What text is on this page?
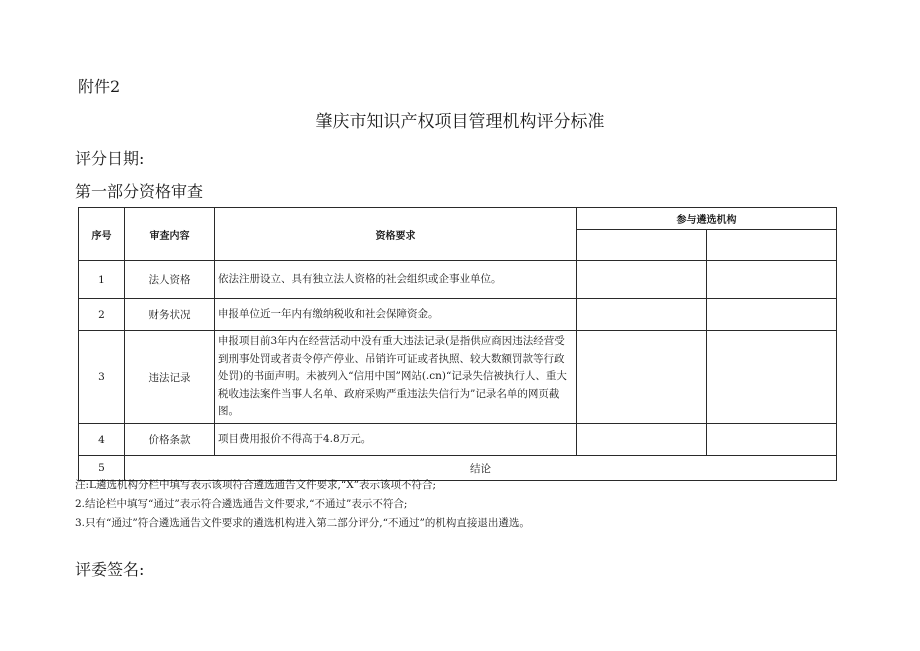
附件2
肇庆市知识产权项目管理机构评分标准
评分日期:
第一部分资格审查
序号	审查内容	资格要求	参与遴选机构	

1	法人资格	依法注册设立、具有独立法人资格的社会组织或企事业单位。		
2	财务状况	申报单位近一年内有缴纳税收和社会保障资金。		
3	违法记录	申报项目前3年内在经营活动中没有重大违法记录(是指供应商因违法经营受到刑事处罚或者责令停产停业、吊销许可证或者执照、较大数额罚款等行政处罚)的书面声明。未被列入“信用中国”网站(.cn)“记录失信被执行人、重大税收违法案件当事人名单、政府采购严重违法失信行为”记录名单的网页截图。		
4	价格条款	项目费用报价不得高于4.8万元。		
5	结论			
注:L遴选机构分栏中填写表示该项符合遴选通告文件要求,“X”表示该项不符合;
2.结论栏中填写“通过”表示符合遴选通告文件要求,“不通过”表示不符合;
3.只有“通过”符合遴选通告文件要求的遴选机构进入第二部分评分,“不通过”的机构直接退出遴选。
评委签名:
